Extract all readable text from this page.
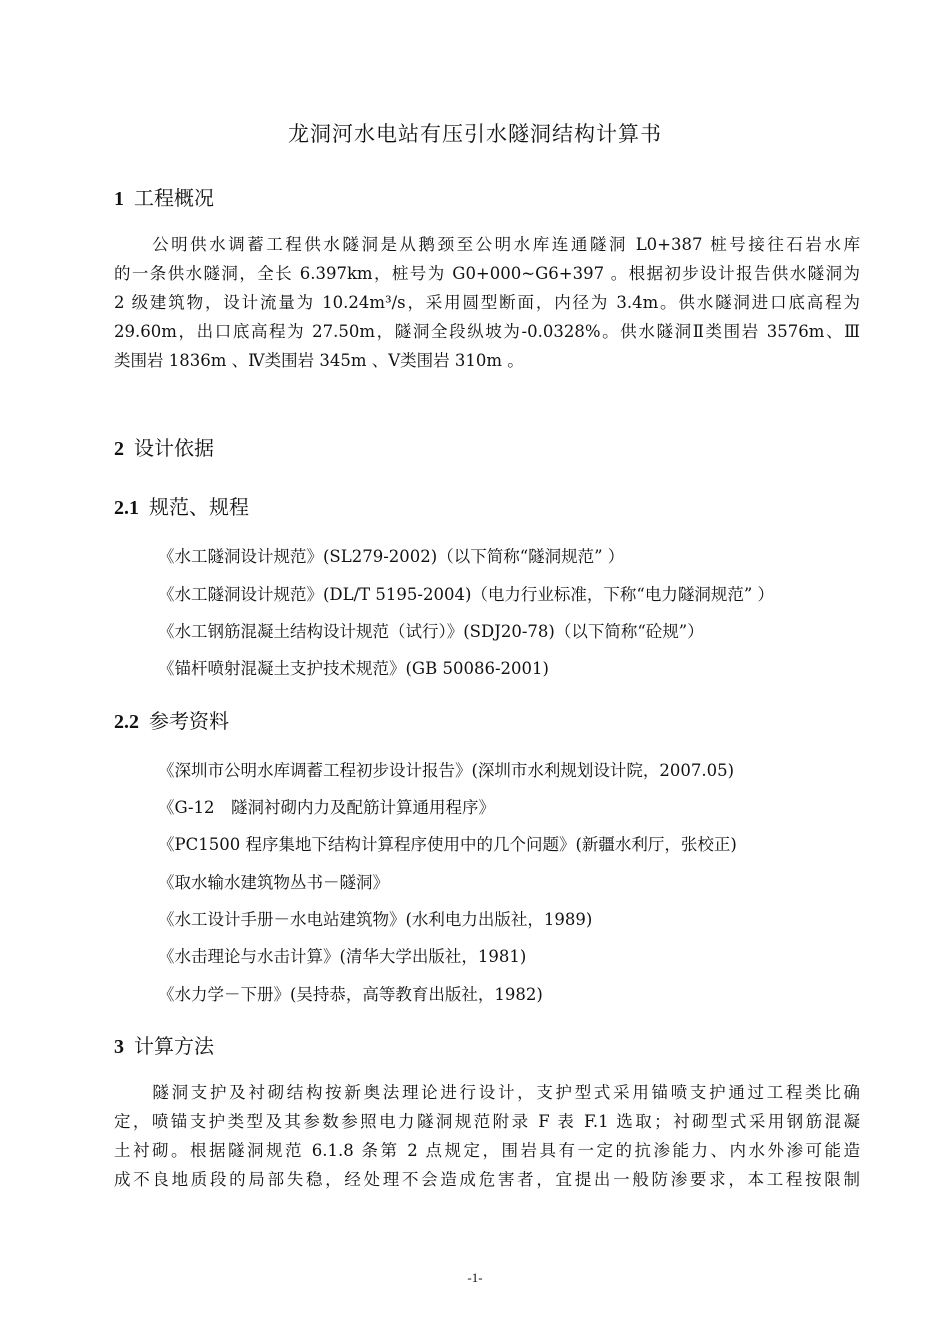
龙洞河水电站有压引水隧洞结构计算书
1 工程概况
　　公明供水调蓄工程供水隧洞是从鹅颈至公明水库连通隧洞 L0+387 桩号接往石岩水库
的一条供水隧洞，全长 6.397km，桩号为 G0+000~G6+397 。根据初步设计报告供水隧洞为
2 级建筑物，设计流量为 10.24m³/s，采用圆型断面，内径为 3.4m。供水隧洞进口底高程为
29.60m，出口底高程为 27.50m，隧洞全段纵坡为-0.0328%。供水隧洞Ⅱ类围岩 3576m、Ⅲ
类围岩 1836m 、Ⅳ类围岩 345m 、Ⅴ类围岩 310m 。
2 设计依据
2.1 规范、规程
《水工隧洞设计规范》(SL279-2002)（以下简称“隧洞规范” ）
《水工隧洞设计规范》(DL/T 5195-2004)（电力行业标准，下称“电力隧洞规范” ）
《水工钢筋混凝土结构设计规范（试行）》(SDJ20-78)（以下简称“砼规”）
《锚杆喷射混凝土支护技术规范》(GB 50086-2001)
2.2 参考资料
《深圳市公明水库调蓄工程初步设计报告》(深圳市水利规划设计院，2007.05)
《G-12　隧洞衬砌内力及配筋计算通用程序》
《PC1500 程序集地下结构计算程序使用中的几个问题》(新疆水利厅，张校正)
《取水输水建筑物丛书－隧洞》
《水工设计手册－水电站建筑物》(水利电力出版社，1989)
《水击理论与水击计算》(清华大学出版社，1981)
《水力学－下册》(吴持恭，高等教育出版社，1982)
3 计算方法
　　隧洞支护及衬砌结构按新奥法理论进行设计，支护型式采用锚喷支护通过工程类比确
定，喷锚支护类型及其参数参照电力隧洞规范附录 F 表 F.1 选取；衬砌型式采用钢筋混凝
土衬砌。根据隧洞规范 6.1.8 条第 2 点规定，围岩具有一定的抗渗能力、内水外渗可能造
成不良地质段的局部失稳，经处理不会造成危害者，宜提出一般防渗要求，本工程按限制
-1-
